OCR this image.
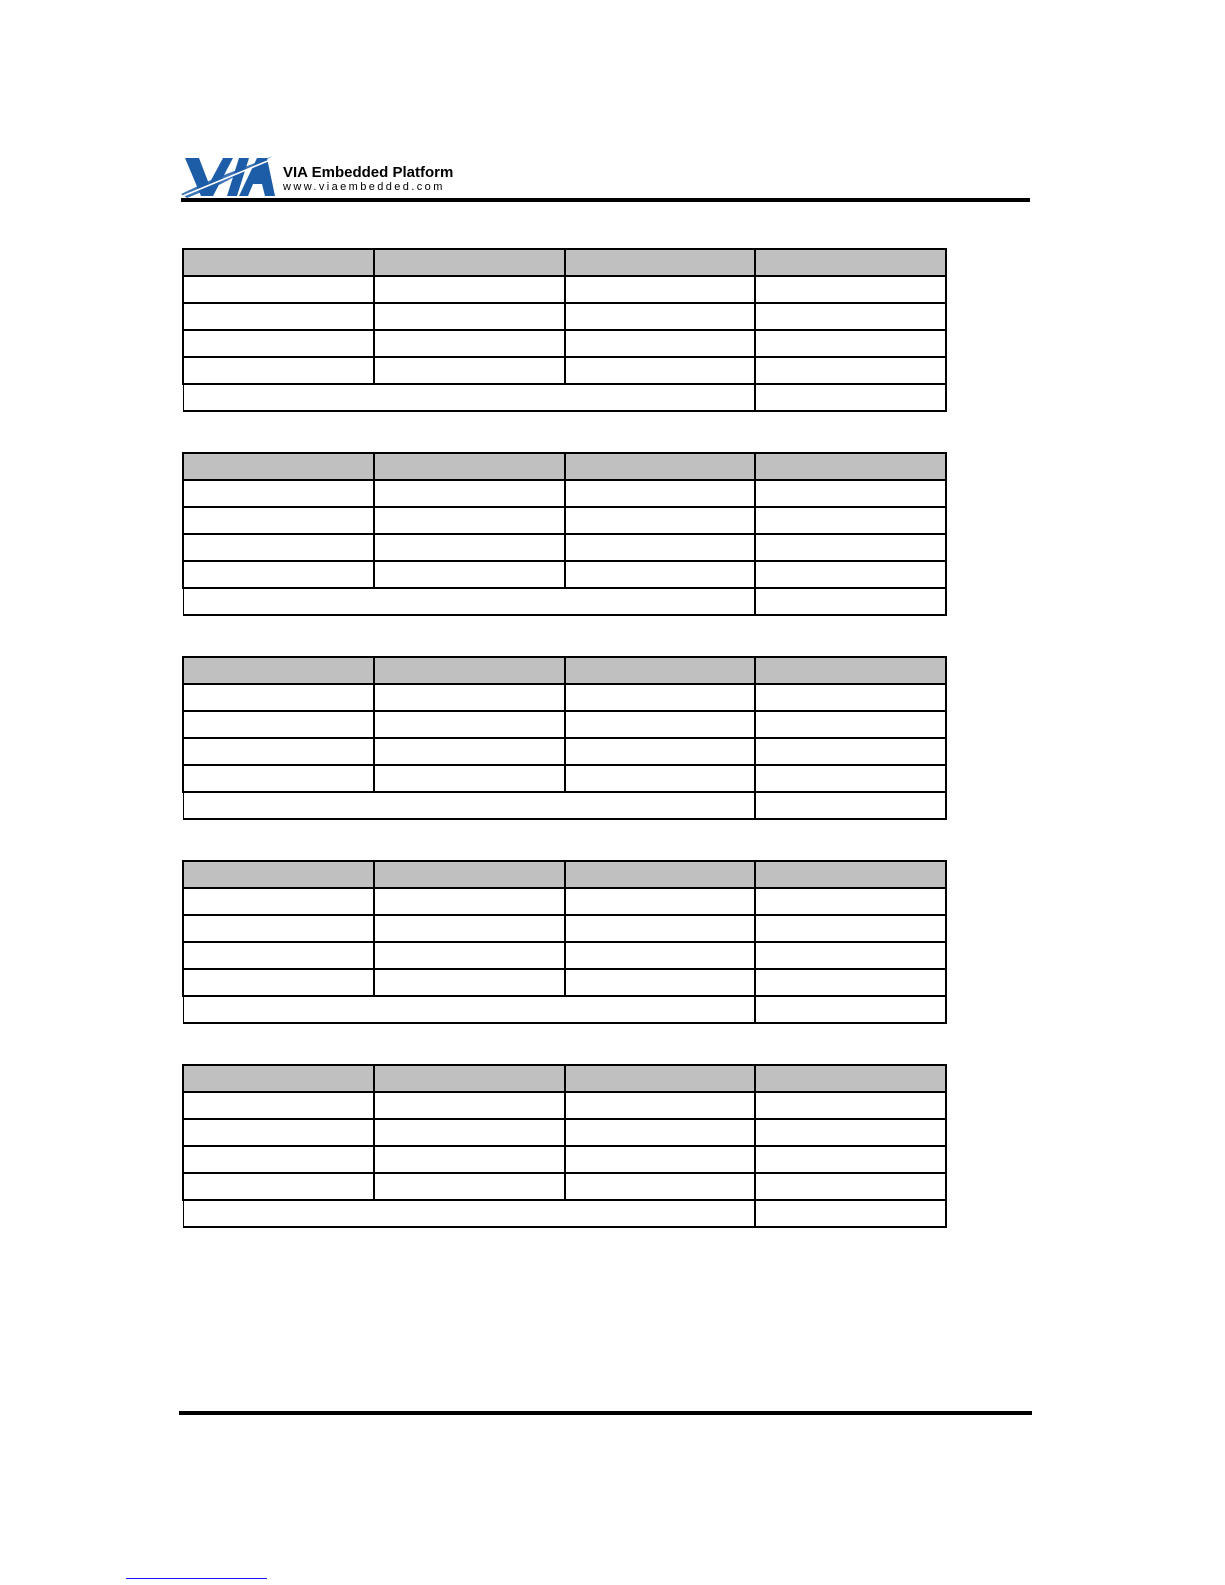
VIA Embedded Platform
www.viaembedded.com
